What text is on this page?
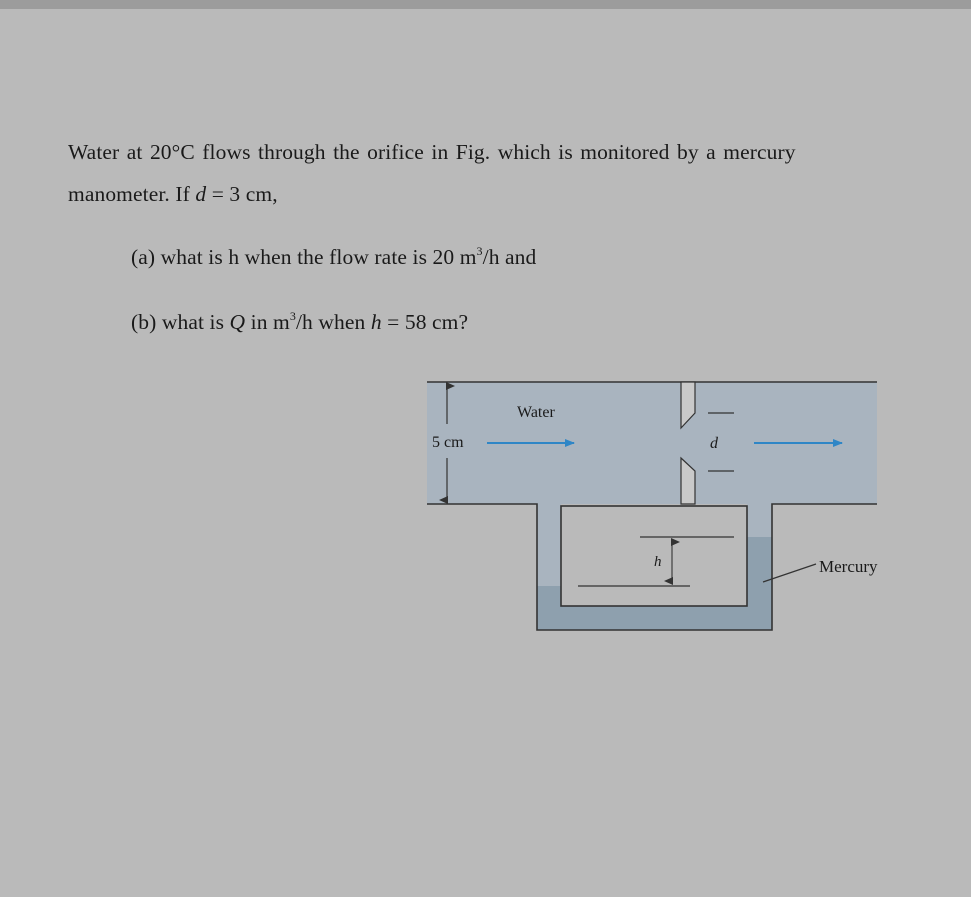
Water at 20°C flows through the orifice in Fig. which is monitored by a mercury
manometer. If d = 3 cm,
(a) what is h when the flow rate is 20 $m^3/h$ and
(b) what is Q in $m^3/h$ when h = 58 cm?
d
5 cm
Water
h	Mercury
